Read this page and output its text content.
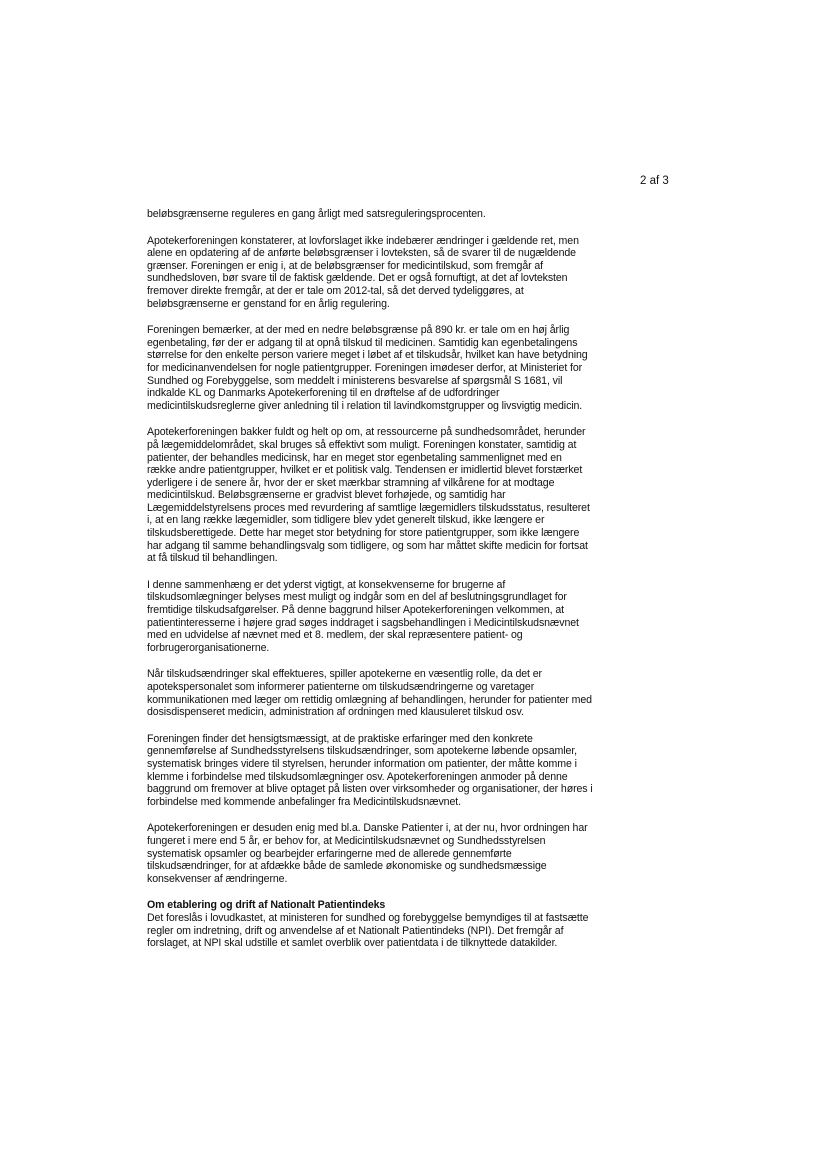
2 af 3
beløbsgrænserne reguleres en gang årligt med satsreguleringsprocenten.
Apotekerforeningen konstaterer, at lovforslaget ikke indebærer ændringer i gældende ret, men
alene en opdatering af de anførte beløbsgrænser i lovteksten, så de svarer til de nugældende
grænser. Foreningen er enig i, at de beløbsgrænser for medicintilskud, som fremgår af
sundhedsloven, bør svare til de faktisk gældende. Det er også fornuftigt, at det af lovteksten
fremover direkte fremgår, at der er tale om 2012-tal, så det derved tydeliggøres, at
beløbsgrænserne er genstand for en årlig regulering.
Foreningen bemærker, at der med en nedre beløbsgrænse på 890 kr. er tale om en høj årlig
egenbetaling, før der er adgang til at opnå tilskud til medicinen. Samtidig kan egenbetalingens
størrelse for den enkelte person variere meget i løbet af et tilskudsår, hvilket kan have betydning
for medicinanvendelsen for nogle patientgrupper. Foreningen imødeser derfor, at Ministeriet for
Sundhed og Forebyggelse, som meddelt i ministerens besvarelse af spørgsmål S 1681, vil
indkalde KL og Danmarks Apotekerforening til en drøftelse af de udfordringer
medicintilskudsreglerne giver anledning til i relation til lavindkomstgrupper og livsvigtig medicin.
Apotekerforeningen bakker fuldt og helt op om, at ressourcerne på sundhedsområdet, herunder
på lægemiddelområdet, skal bruges så effektivt som muligt. Foreningen konstater, samtidig at
patienter, der behandles medicinsk, har en meget stor egenbetaling sammenlignet med en
række andre patientgrupper, hvilket er et politisk valg. Tendensen er imidlertid blevet forstærket
yderligere i de senere år, hvor der er sket mærkbar stramning af vilkårene for at modtage
medicintilskud. Beløbsgrænserne er gradvist blevet forhøjede, og samtidig har
Lægemiddelstyrelsens proces med revurdering af samtlige lægemidlers tilskudsstatus, resulteret
i, at en lang række lægemidler, som tidligere blev ydet generelt tilskud, ikke længere er
tilskudsberettigede. Dette har meget stor betydning for store patientgrupper, som ikke længere
har adgang til samme behandlingsvalg som tidligere, og som har måttet skifte medicin for fortsat
at få tilskud til behandlingen.
I denne sammenhæng er det yderst vigtigt, at konsekvenserne for brugerne af
tilskudsomlægninger belyses mest muligt og indgår som en del af beslutningsgrundlaget for
fremtidige tilskudsafgørelser. På denne baggrund hilser Apotekerforeningen velkommen, at
patientinteresserne i højere grad søges inddraget i sagsbehandlingen i Medicintilskudsnævnet
med en udvidelse af nævnet med et 8. medlem, der skal repræsentere patient- og
forbrugerorganisationerne.
Når tilskudsændringer skal effektueres, spiller apotekerne en væsentlig rolle, da det er
apotekspersonalet som informerer patienterne om tilskudsændringerne og varetager
kommunikationen med læger om rettidig omlægning af behandlingen, herunder for patienter med
dosisdispenseret medicin, administration af ordningen med klausuleret tilskud osv.
Foreningen finder det hensigtsmæssigt, at de praktiske erfaringer med den konkrete
gennemførelse af Sundhedsstyrelsens tilskudsændringer, som apotekerne løbende opsamler,
systematisk bringes videre til styrelsen, herunder information om patienter, der måtte komme i
klemme i forbindelse med tilskudsomlægninger osv. Apotekerforeningen anmoder på denne
baggrund om fremover at blive optaget på listen over virksomheder og organisationer, der høres i
forbindelse med kommende anbefalinger fra Medicintilskudsnævnet.
Apotekerforeningen er desuden enig med bl.a. Danske Patienter i, at der nu, hvor ordningen har
fungeret i mere end 5 år, er behov for, at Medicintilskudsnævnet og Sundhedsstyrelsen
systematisk opsamler og bearbejder erfaringerne med de allerede gennemførte
tilskudsændringer, for at afdække både de samlede økonomiske og sundhedsmæssige
konsekvenser af ændringerne.
Om etablering og drift af Nationalt Patientindeks
Det foreslås i lovudkastet, at ministeren for sundhed og forebyggelse bemyndiges til at fastsætte
regler om indretning, drift og anvendelse af et Nationalt Patientindeks (NPI). Det fremgår af
forslaget, at NPI skal udstille et samlet overblik over patientdata i de tilknyttede datakilder.
